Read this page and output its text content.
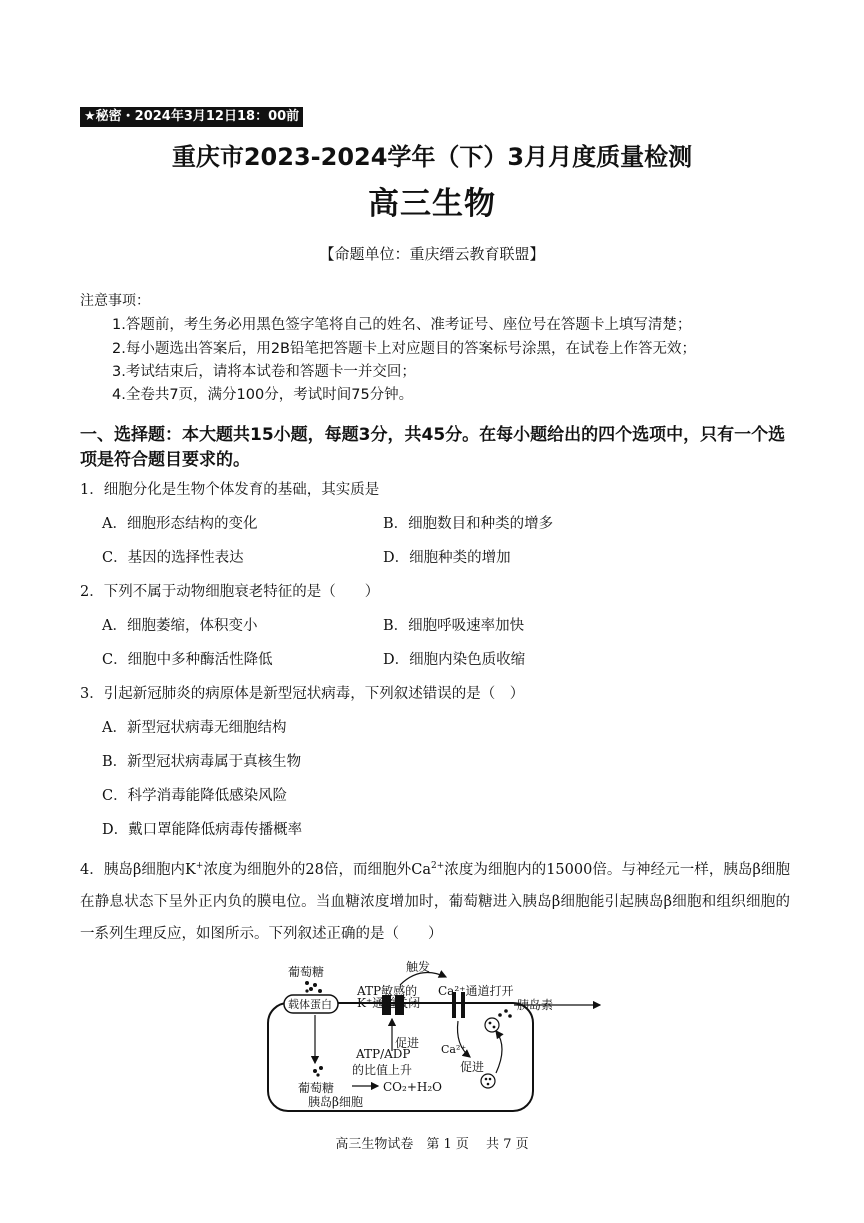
★秘密・2024年3月12日18：00前
重庆市2023-2024学年（下）3月月度质量检测
高三生物
【命题单位：重庆缙云教育联盟】
注意事项：
1.答题前，考生务必用黑色签字笔将自己的姓名、准考证号、座位号在答题卡上填写清楚；
2.每小题选出答案后，用2B铅笔把答题卡上对应题目的答案标号涂黑，在试卷上作答无效；
3.考试结束后，请将本试卷和答题卡一并交回；
4.全卷共7页，满分100分，考试时间75分钟。
一、选择题：本大题共15小题，每题3分，共45分。在每小题给出的四个选项中，只有一个选项是符合题目要求的。
1．细胞分化是生物个体发育的基础，其实质是
A．细胞形态结构的变化	B．细胞数目和种类的增多
C．基因的选择性表达	D．细胞种类的增加
2．下列不属于动物细胞衰老特征的是（　　）
A．细胞萎缩，体积变小	B．细胞呼吸速率加快
C．细胞中多种酶活性降低	D．细胞内染色质收缩
3．引起新冠肺炎的病原体是新型冠状病毒，下列叙述错误的是（　）
A．新型冠状病毒无细胞结构
B．新型冠状病毒属于真核生物
C．科学消毒能降低感染风险
D．戴口罩能降低病毒传播概率
4．胰岛β细胞内K+浓度为细胞外的28倍，而细胞外$Ca^{2+}$浓度为细胞内的15000倍。与神经元一样，胰岛β细胞在静息状态下呈外正内负的膜电位。当血糖浓度增加时，葡萄糖进入胰岛β细胞能引起胰岛β细胞和组织细胞的一系列生理反应，如图所示。下列叙述正确的是（　　）
葡萄糖
载体蛋白
ATP敏感的
K⁺通道关闭
触发
Ca²⁺通道打开
胰岛素
促进
ATP/ADP
的比值上升
Ca²⁺
促进
葡萄糖	CO₂+H₂O
胰岛β细胞
高三生物试卷　第 1 页　 共 7 页
